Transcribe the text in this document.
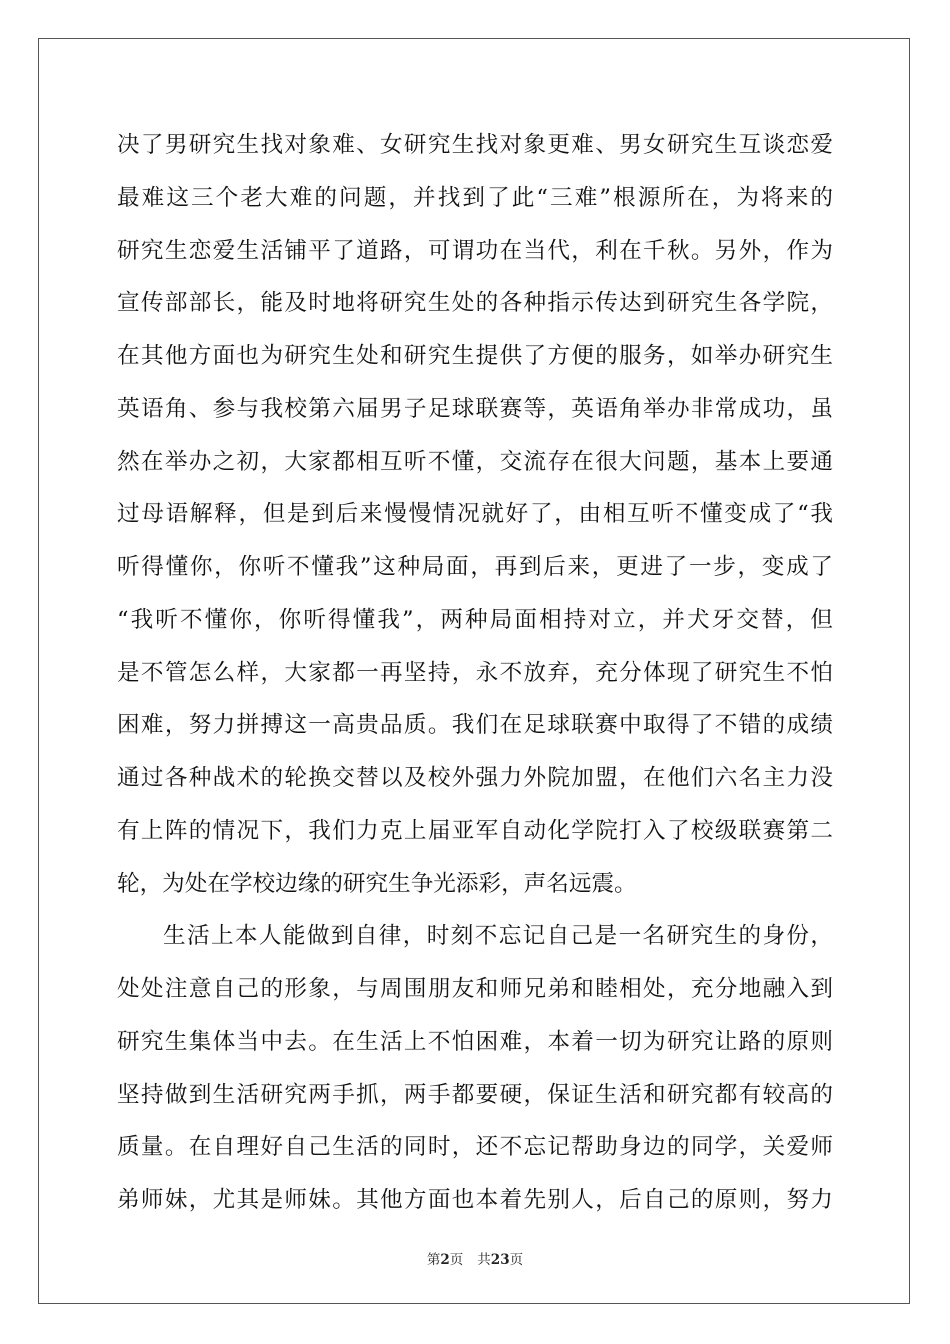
决了男研究生找对象难、女研究生找对象更难、男女研究生互谈恋爱
最难这三个老大难的问题，并找到了此“三难”根源所在，为将来的
研究生恋爱生活铺平了道路，可谓功在当代，利在千秋。另外，作为
宣传部部长，能及时地将研究生处的各种指示传达到研究生各学院，
在其他方面也为研究生处和研究生提供了方便的服务，如举办研究生
英语角、参与我校第六届男子足球联赛等，英语角举办非常成功，虽
然在举办之初，大家都相互听不懂，交流存在很大问题，基本上要通
过母语解释，但是到后来慢慢情况就好了，由相互听不懂变成了“我
听得懂你，你听不懂我”这种局面，再到后来，更进了一步，变成了
“我听不懂你，你听得懂我”，两种局面相持对立，并犬牙交替，但
是不管怎么样，大家都一再坚持，永不放弃，充分体现了研究生不怕
困难，努力拼搏这一高贵品质。我们在足球联赛中取得了不错的成绩
通过各种战术的轮换交替以及校外强力外院加盟，在他们六名主力没
有上阵的情况下，我们力克上届亚军自动化学院打入了校级联赛第二
轮，为处在学校边缘的研究生争光添彩，声名远震。
生活上本人能做到自律，时刻不忘记自己是一名研究生的身份，
处处注意自己的形象，与周围朋友和师兄弟和睦相处，充分地融入到
研究生集体当中去。在生活上不怕困难，本着一切为研究让路的原则
坚持做到生活研究两手抓，两手都要硬，保证生活和研究都有较高的
质量。在自理好自己生活的同时，还不忘记帮助身边的同学，关爱师
弟师妹，尤其是师妹。其他方面也本着先别人，后自己的原则，努力
第2页 共23页
